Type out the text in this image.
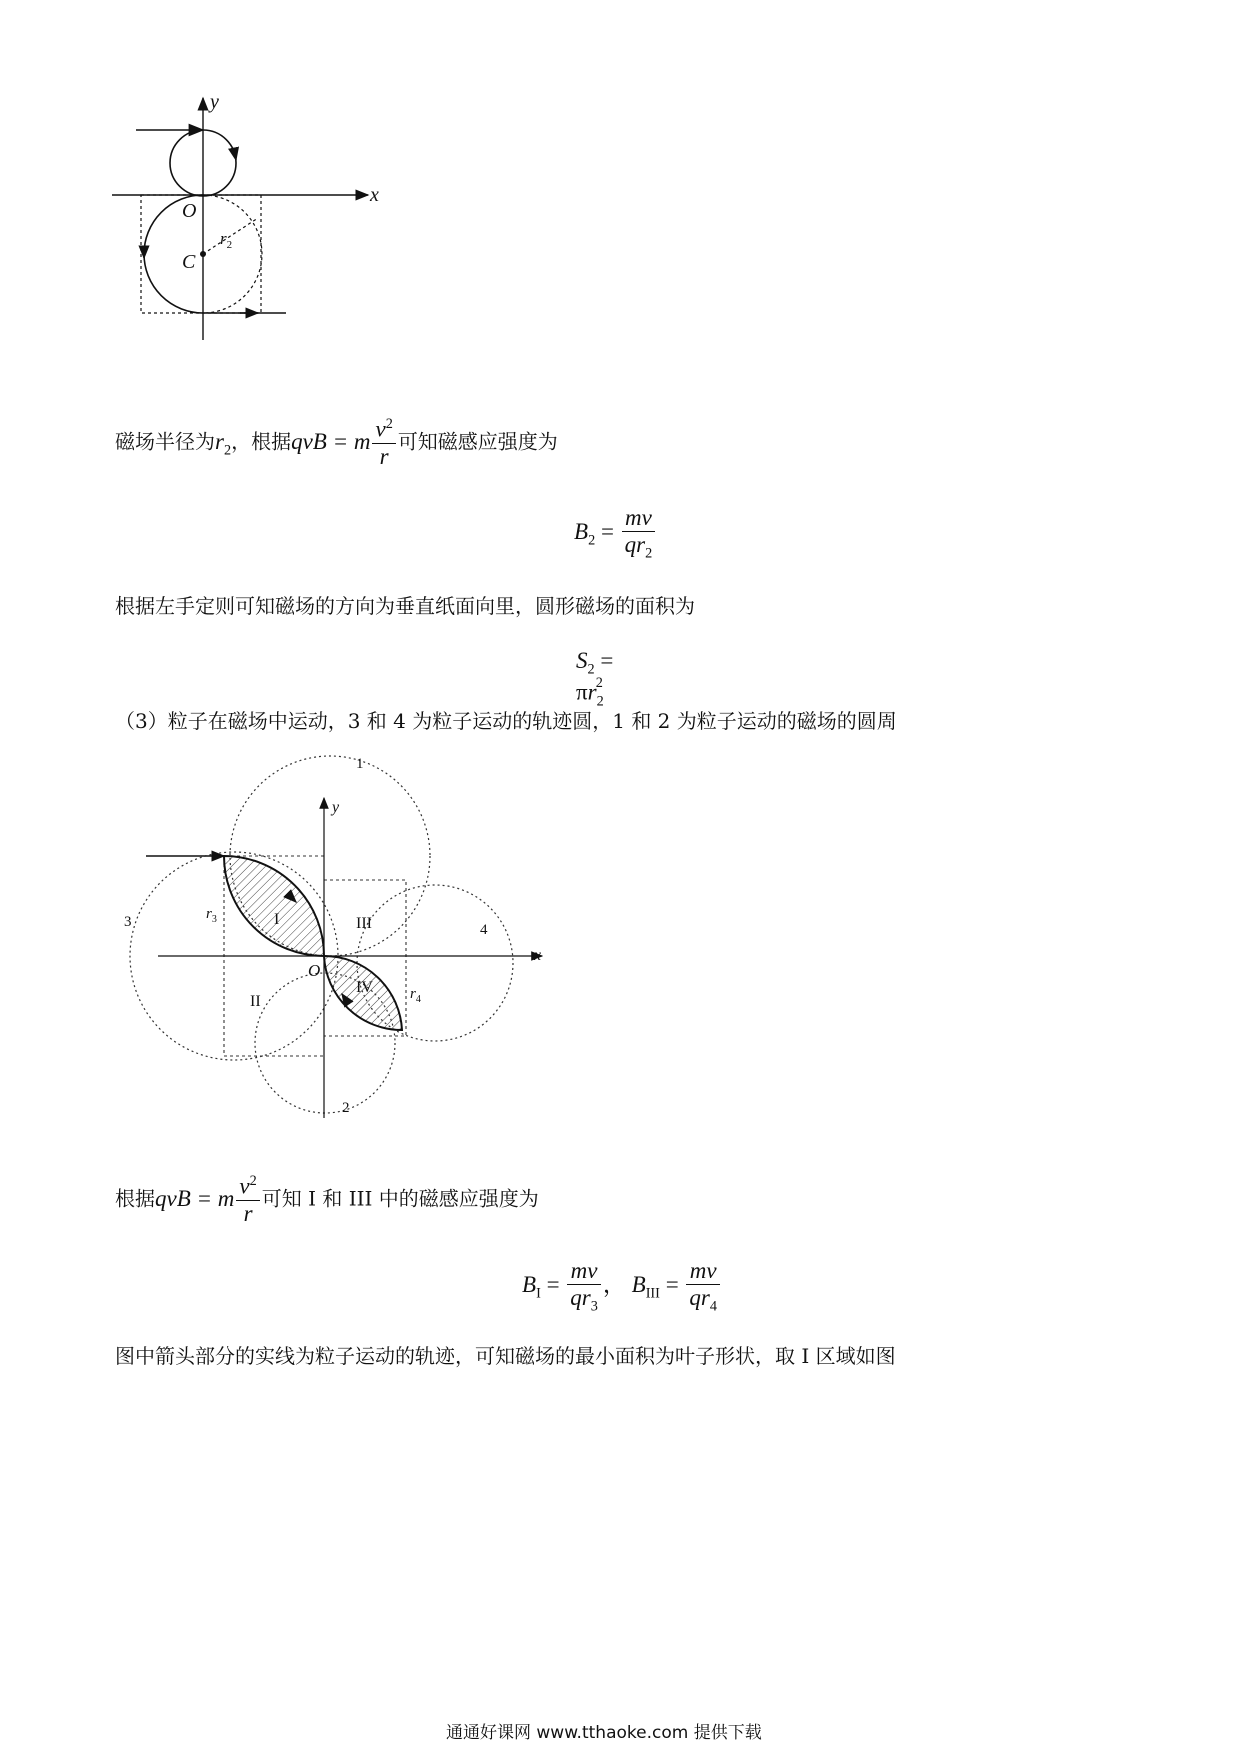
x
y
O
C
$r_2$
磁场半径为$r_2$，根据qvB = m $\frac{v^2}{r}$ 可知磁感应强度为
$B_2 = \frac{mv}{qr_2}$
根据左手定则可知磁场的方向为垂直纸面向里，圆形磁场的面积为
$S_2 = \pi r_2^2$
（3）粒子在磁场中运动，3 和 4 为粒子运动的轨迹圆，1 和 2 为粒子运动的磁场的圆周
x
y
O
1
2
3	4
I
II
III
IV
$r_3$
$r_4$
根据qvB = m $\frac{v^2}{r}$ 可知 I 和 III 中的磁感应强度为
$B_I = \frac{mv}{qr_3}$ ， $B_{III} = \frac{mv}{qr_4}$
图中箭头部分的实线为粒子运动的轨迹，可知磁场的最小面积为叶子形状，取 I 区域如图
通通好课网 www.tthaoke.com 提供下载
